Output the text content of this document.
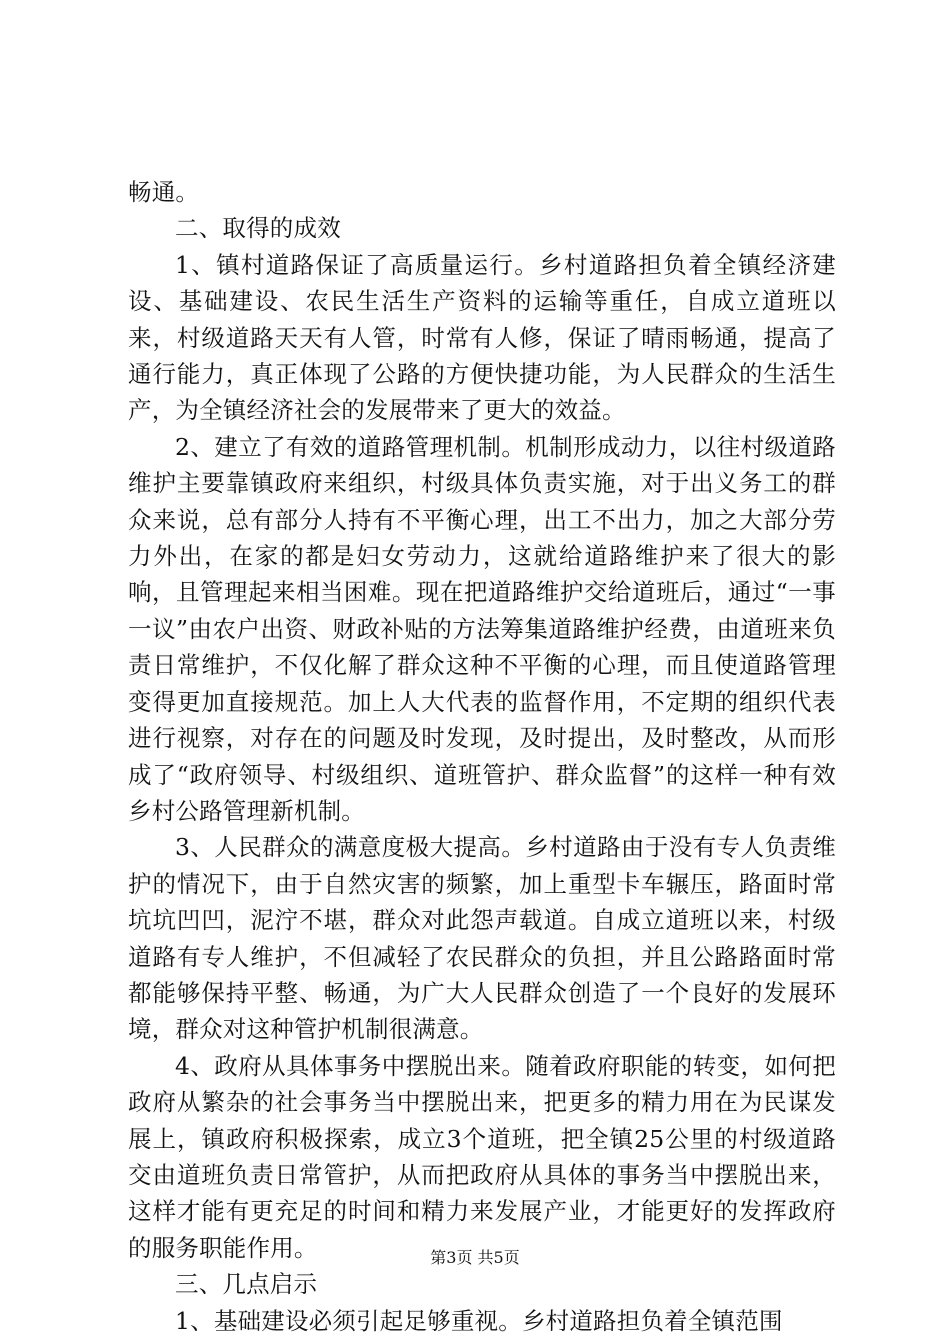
畅通。

二、取得的成效

1、镇村道路保证了高质量运行。乡村道路担负着全镇经济建设、基础建设、农民生活生产资料的运输等重任，自成立道班以来，村级道路天天有人管，时常有人修，保证了晴雨畅通，提高了通行能力，真正体现了公路的方便快捷功能，为人民群众的生活生产，为全镇经济社会的发展带来了更大的效益。

2、建立了有效的道路管理机制。机制形成动力，以往村级道路维护主要靠镇政府来组织，村级具体负责实施，对于出义务工的群众来说，总有部分人持有不平衡心理，出工不出力，加之大部分劳力外出，在家的都是妇女劳动力，这就给道路维护来了很大的影响，且管理起来相当困难。现在把道路维护交给道班后，通过“一事一议”由农户出资、财政补贴的方法筹集道路维护经费，由道班来负责日常维护，不仅化解了群众这种不平衡的心理，而且使道路管理变得更加直接规范。加上人大代表的监督作用，不定期的组织代表进行视察，对存在的问题及时发现，及时提出，及时整改，从而形成了“政府领导、村级组织、道班管护、群众监督”的这样一种有效乡村公路管理新机制。

3、人民群众的满意度极大提高。乡村道路由于没有专人负责维护的情况下，由于自然灾害的频繁，加上重型卡车辗压，路面时常坑坑凹凹，泥泞不堪，群众对此怨声载道。自成立道班以来，村级道路有专人维护，不但减轻了农民群众的负担，并且公路路面时常都能够保持平整、畅通，为广大人民群众创造了一个良好的发展环境，群众对这种管护机制很满意。

4、政府从具体事务中摆脱出来。随着政府职能的转变，如何把政府从繁杂的社会事务当中摆脱出来，把更多的精力用在为民谋发展上，镇政府积极探索，成立3个道班，把全镇25公里的村级道路交由道班负责日常管护，从而把政府从具体的事务当中摆脱出来，这样才能有更充足的时间和精力来发展产业，才能更好的发挥政府的服务职能作用。

三、几点启示

1、基础建设必须引起足够重视。乡村道路担负着全镇范围

第3页 共5页
